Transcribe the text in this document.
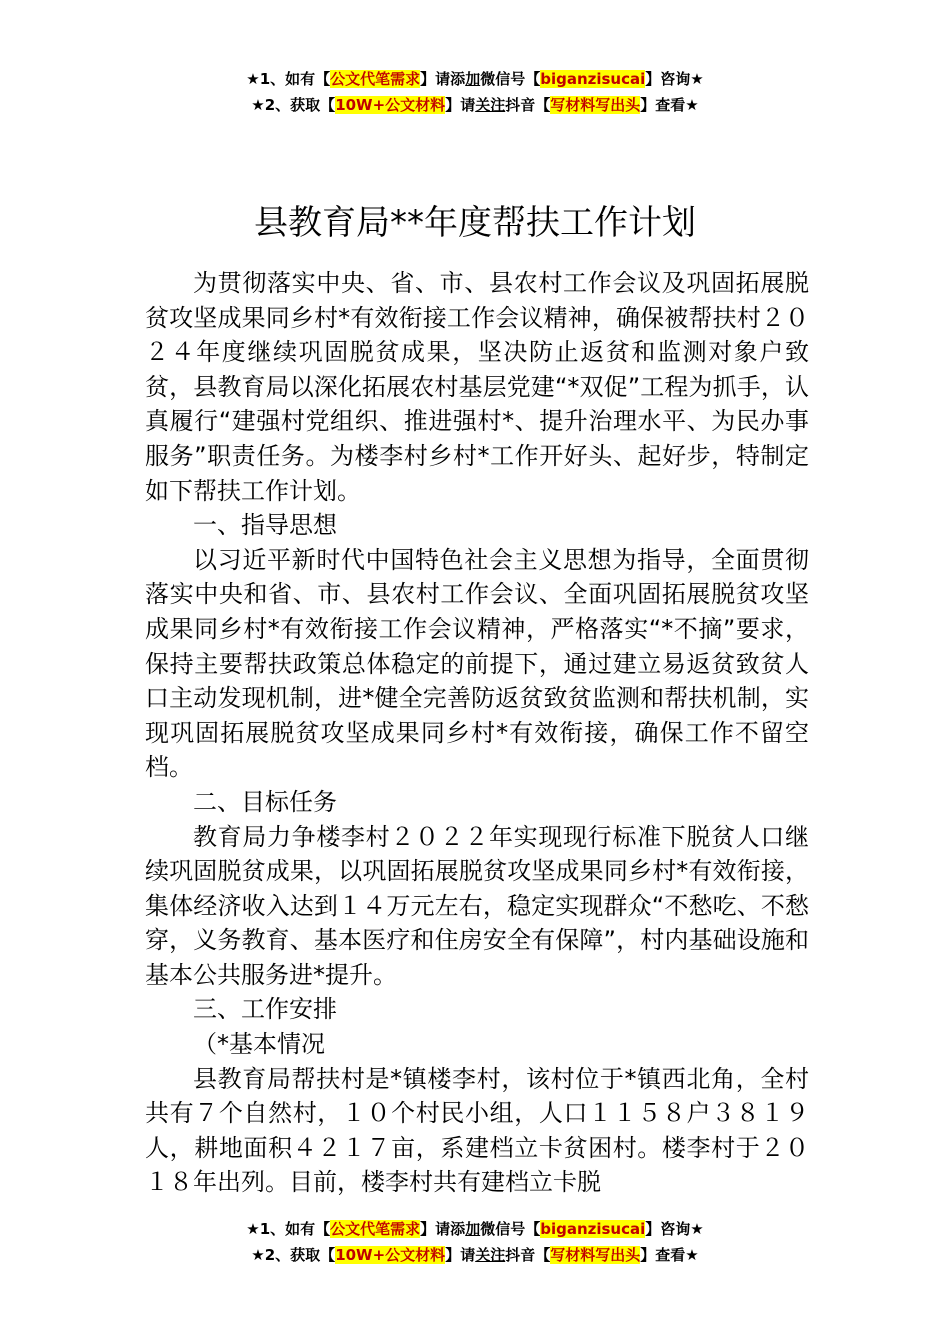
★1、如有【公文代笔需求】请添加微信号【biganzisucai】咨询★
★2、获取【10W+公文材料】请关注抖音【写材料写出头】查看★
县教育局**年度帮扶工作计划

为贯彻落实中央、省、市、县农村工作会议及巩固拓展脱贫攻坚成果同乡村*有效衔接工作会议精神，确保被帮扶村２０２４年度继续巩固脱贫成果，坚决防止返贫和监测对象户致贫，县教育局以深化拓展农村基层党建“*双促”工程为抓手，认真履行“建强村党组织、推进强村*、提升治理水平、为民办事服务”职责任务。为楼李村乡村*工作开好头、起好步，特制定如下帮扶工作计划。

一、指导思想

以习近平新时代中国特色社会主义思想为指导，全面贯彻落实中央和省、市、县农村工作会议、全面巩固拓展脱贫攻坚成果同乡村*有效衔接工作会议精神，严格落实“*不摘”要求，保持主要帮扶政策总体稳定的前提下，通过建立易返贫致贫人口主动发现机制，进*健全完善防返贫致贫监测和帮扶机制，实现巩固拓展脱贫攻坚成果同乡村*有效衔接，确保工作不留空档。

二、目标任务

教育局力争楼李村２０２２年实现现行标准下脱贫人口继续巩固脱贫成果，以巩固拓展脱贫攻坚成果同乡村*有效衔接，集体经济收入达到１４万元左右，稳定实现群众“不愁吃、不愁穿，义务教育、基本医疗和住房安全有保障”，村内基础设施和基本公共服务进*提升。

三、工作安排

（*基本情况

县教育局帮扶村是*镇楼李村，该村位于*镇西北角，全村共有７个自然村，１０个村民小组，人口１１５８户３８１９人，耕地面积４２１７亩，系建档立卡贫困村。楼李村于２０１８年出列。目前，楼李村共有建档立卡脱

★1、如有【公文代笔需求】请添加微信号【biganzisucai】咨询★
★2、获取【10W+公文材料】请关注抖音【写材料写出头】查看★
